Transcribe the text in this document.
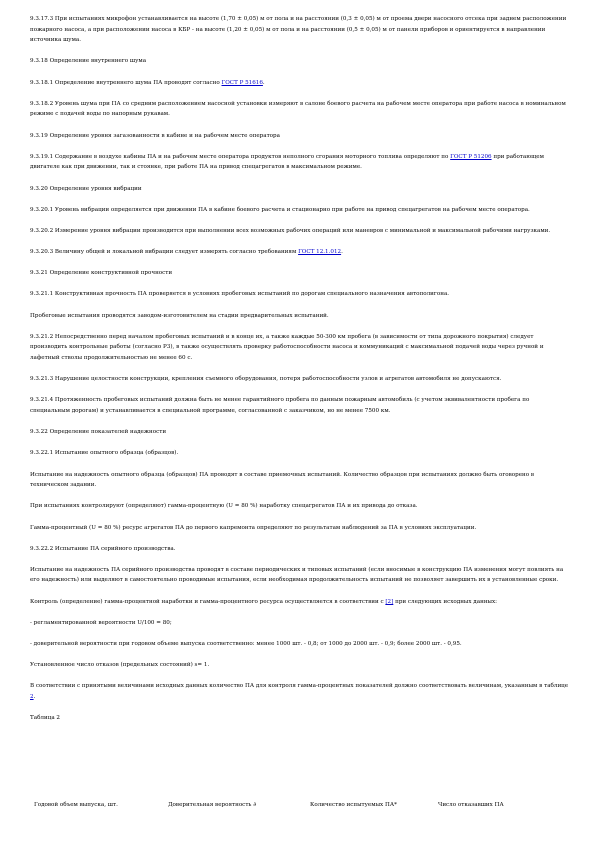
9.3.17.3 При испытаниях микрофон устанавливается на высоте (1,70 ± 0,05) м от пола и на расстоянии (0,3 ± 0,05) м от проема двери насосного отсека при заднем расположении пожарного насоса, а при расположении насоса в КБР - на высоте (1,20 ± 0,05) м от пола и на расстоянии (0,5 ± 0,05) м от панели приборов и ориентируется в направлении источника шума.

9.3.18 Определение внутреннего шума

9.3.18.1 Определение внутреннего шума ПА проводят согласно ГОСТ Р 51616.

9.3.18.2 Уровень шума при ПА со средним расположением насосной установки измеряют в салоне боевого расчета на рабочем месте оператора при работе насоса в номинальном режиме с подачей воды по напорным рукавам.

9.3.19 Определение уровня загазованности в кабине и на рабочем месте оператора

9.3.19.1 Содержание в воздухе кабины ПА и на рабочем месте оператора продуктов неполного сгорания моторного топлива определяют по ГОСТ Р 51206 при работающем двигателе как при движении, так и стоянке, при работе ПА на привод спецагрегатов в максимальном режиме.

9.3.20 Определение уровня вибрации

9.3.20.1 Уровень вибрации определяется при движении ПА в кабине боевого расчета и стационарно при работе на привод спецагрегатов на рабочем месте оператора.

9.3.20.2 Измерение уровня вибрации производится при выполнении всех возможных рабочих операций или маневров с минимальной и максимальной рабочими нагрузками.

9.3.20.3 Величину общей и локальной вибрации следует измерять согласно требованиям ГОСТ 12.1.012.

9.3.21 Определение конструктивной прочности

9.3.21.1 Конструктивная прочность ПА проверяется в условиях пробеговых испытаний по дорогам специального назначения автополигона.

Пробеговые испытания проводятся заводом-изготовителем на стадии предварительных испытаний.

9.3.21.2 Непосредственно перед началом пробеговых испытаний и в конце их, а также каждые 50-300 км пробега (в зависимости от типа дорожного покрытия) следует производить контрольные работы (согласно Р3), в также осуществлять проверку работоспособности насоса и коммуникаций с максимальной подачей воды через ручной и лафетный стволы продолжительностью не менее 60 с.

9.3.21.3 Нарушение целостности конструкции, крепления съемного оборудования, потеря работоспособности узлов и агрегатов автомобиля не допускаются.

9.3.21.4 Протяженность пробеговых испытаний должна быть не менее гарантийного пробега по данным пожарным автомобиль (с учетом эквивалентности пробега по специальным дорогам) и устанавливается в специальной программе, согласованной с заказчиком, но не менее 7500 км.

9.3.22 Определение показателей надежности

9.3.22.1 Испытание опытного образца (образцов).

Испытание на надежность опытного образца (образцов) ПА проводят в составе приемочных испытаний. Количество образцов при испытаниях должно быть оговорено в техническом задании.

При испытаниях контролируют (определяют) гамма-процентную (U = 80 %) наработку спецагрегатов ПА и их привода до отказа.

Гамма-процентный (U = 80 %) ресурс агрегатов ПА до первого капремонта определяют по результатам наблюдений за ПА в условиях эксплуатации.

9.3.22.2 Испытание ПА серийного производства.

Испытание на надежность ПА серийного производства проводят в составе периодических и типовых испытаний (если вносимые в конструкцию ПА изменения могут повлиять на его надежность) или выделяют в самостоятельно проводимые испытания, если необходимая продолжительность испытаний не позволяет завершить их в установленные сроки.

Контроль (определение) гамма-процентной наработки и гамма-процентного ресурса осуществляется в соответствии с [2] при следующих исходных данных:

- регламентированной вероятности U/100 = 80;

- доверительной вероятности при годовом объеме выпуска соответственно: менее 1000 шт. - 0,8; от 1000 до 2000 шт. - 0,9; более 2000 шт. - 0,95.

Установленное число отказов (предельных состояний) s= 1.

В соответствии с принятыми величинами исходных данных количество ПА для контроля гамма-процентных показателей должно соответствовать величинам, указанным в таблице 2.

Таблица 2

Годовой объем выпуска, шт.	Доверительная вероятность ∂	Количество испытуемых ПА*	Число отказавших ПА
